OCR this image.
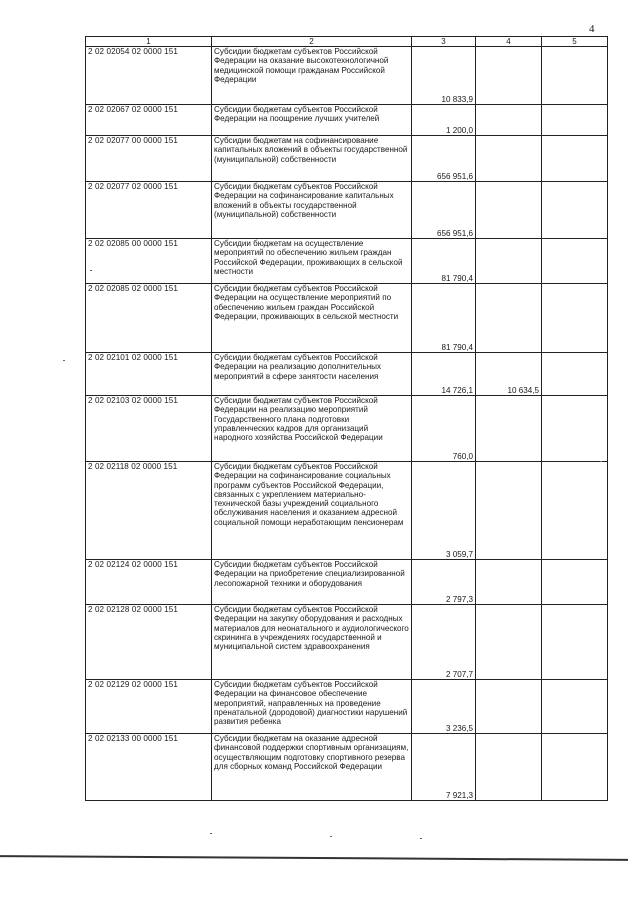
4
1	2	3	4	5
2 02 02054 02 0000 151	Субсидии бюджетам субъектов Российской Федерации на оказание высокотехнологичной медицинской помощи гражданам Российской Федерации	10 833,9		
2 02 02067 02 0000 151	Субсидии бюджетам субъектов Российской Федерации на поощрение лучших учителей	1 200,0		
2 02 02077 00 0000 151	Субсидии бюджетам на софинансирование капитальных вложений в объекты государственной (муниципальной) собственности	656 951,6		
2 02 02077 02 0000 151	Субсидии бюджетам субъектов Российской Федерации на софинансирование капитальных вложений в объекты государственной (муниципальной) собственности	656 951,6		
2 02 02085 00 0000 151	Субсидии бюджетам на осуществление мероприятий по обеспечению жильем граждан Российской Федерации, проживающих в сельской местности	81 790,4		
2 02 02085 02 0000 151	Субсидии бюджетам субъектов Российской Федерации на осуществление мероприятий по обеспечению жильем граждан Российской Федерации, проживающих в сельской местности	81 790,4		
2 02 02101 02 0000 151	Субсидии бюджетам субъектов Российской Федерации на реализацию дополнительных мероприятий в сфере занятости населения	14 726,1	10 634,5	
2 02 02103 02 0000 151	Субсидии бюджетам субъектов Российской Федерации на реализацию мероприятий Государственного плана подготовки управленческих кадров для организаций народного хозяйства Российской Федерации	760,0		
2 02 02118 02 0000 151	Субсидии бюджетам субъектов Российской Федерации на софинансирование социальных программ субъектов Российской Федерации, связанных с укреплением материально-технической базы учреждений социального обслуживания населения и оказанием адресной социальной помощи неработающим пенсионерам	3 059,7		
2 02 02124 02 0000 151	Субсидии бюджетам субъектов Российской Федерации на приобретение специализированной лесопожарной техники и оборудования	2 797,3		
2 02 02128 02 0000 151	Субсидии бюджетам субъектов Российской Федерации на закупку оборудования и расходных материалов для неонатального и аудиологического скрининга в учреждениях государственной и муниципальной систем здравоохранения	2 707,7		
2 02 02129 02 0000 151	Субсидии бюджетам субъектов Российской Федерации на финансовое обеспечение мероприятий, направленных на проведение пренатальной (дородовой) диагностики нарушений развития ребенка	3 236,5		
2 02 02133 00 0000 151	Субсидии бюджетам на оказание адресной финансовой поддержки спортивным организациям, осуществляющим подготовку спортивного резерва для сборных команд Российской Федерации	7 921,3		
